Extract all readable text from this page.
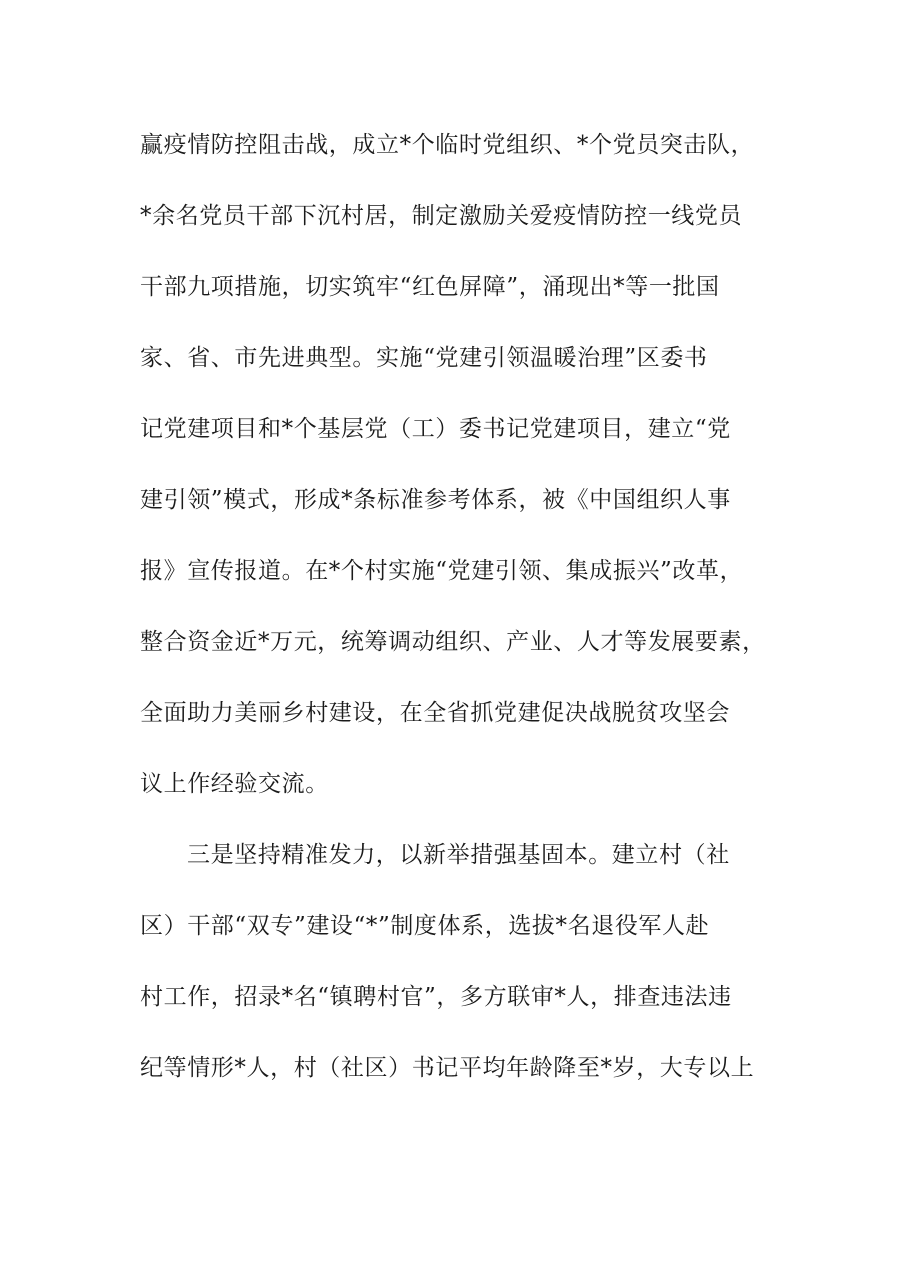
赢疫情防控阻击战，成立*个临时党组织、*个党员突击队，
*余名党员干部下沉村居，制定激励关爱疫情防控一线党员
干部九项措施，切实筑牢“红色屏障”，涌现出*等一批国
家、省、市先进典型。实施“党建引领温暖治理”区委书
记党建项目和*个基层党（工）委书记党建项目，建立“党
建引领”模式，形成*条标准参考体系，被《中国组织人事
报》宣传报道。在*个村实施“党建引领、集成振兴”改革，
整合资金近*万元，统筹调动组织、产业、人才等发展要素，
全面助力美丽乡村建设，在全省抓党建促决战脱贫攻坚会
议上作经验交流。
三是坚持精准发力，以新举措强基固本。建立村（社
区）干部“双专”建设“*”制度体系，选拔*名退役军人赴
村工作，招录*名“镇聘村官”，多方联审*人，排查违法违
纪等情形*人，村（社区）书记平均年龄降至*岁，大专以上
